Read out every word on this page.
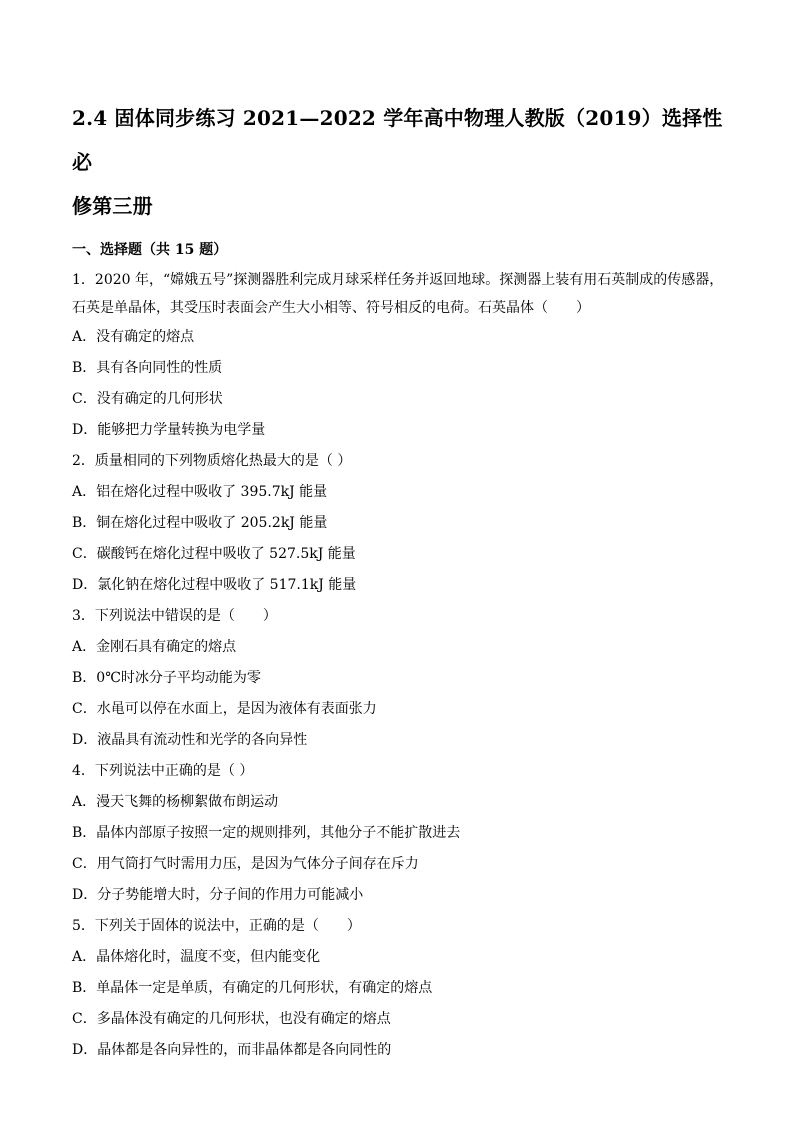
2.4 固体同步练习 2021—2022 学年高中物理人教版（2019）选择性必
修第三册
一、选择题（共 15 题）
1．2020 年，“嫦娥五号”探测器胜利完成月球采样任务并返回地球。探测器上装有用石英制成的传感器，
石英是单晶体，其受压时表面会产生大小相等、符号相反的电荷。石英晶体（　　）
A．没有确定的熔点
B．具有各向同性的性质
C．没有确定的几何形状
D．能够把力学量转换为电学量
2．质量相同的下列物质熔化热最大的是（ ）
A．铝在熔化过程中吸收了 395.7kJ 能量
B．铜在熔化过程中吸收了 205.2kJ 能量
C．碳酸钙在熔化过程中吸收了 527.5kJ 能量
D．氯化钠在熔化过程中吸收了 517.1kJ 能量
3．下列说法中错误的是（　　）
A．金刚石具有确定的熔点
B．0℃时冰分子平均动能为零
C．水黾可以停在水面上，是因为液体有表面张力
D．液晶具有流动性和光学的各向异性
4．下列说法中正确的是（ ）
A．漫天飞舞的杨柳絮做布朗运动
B．晶体内部原子按照一定的规则排列，其他分子不能扩散进去
C．用气筒打气时需用力压，是因为气体分子间存在斥力
D．分子势能增大时，分子间的作用力可能减小
5．下列关于固体的说法中，正确的是（　　）
A．晶体熔化时，温度不变，但内能变化
B．单晶体一定是单质，有确定的几何形状，有确定的熔点
C．多晶体没有确定的几何形状，也没有确定的熔点
D．晶体都是各向异性的，而非晶体都是各向同性的
